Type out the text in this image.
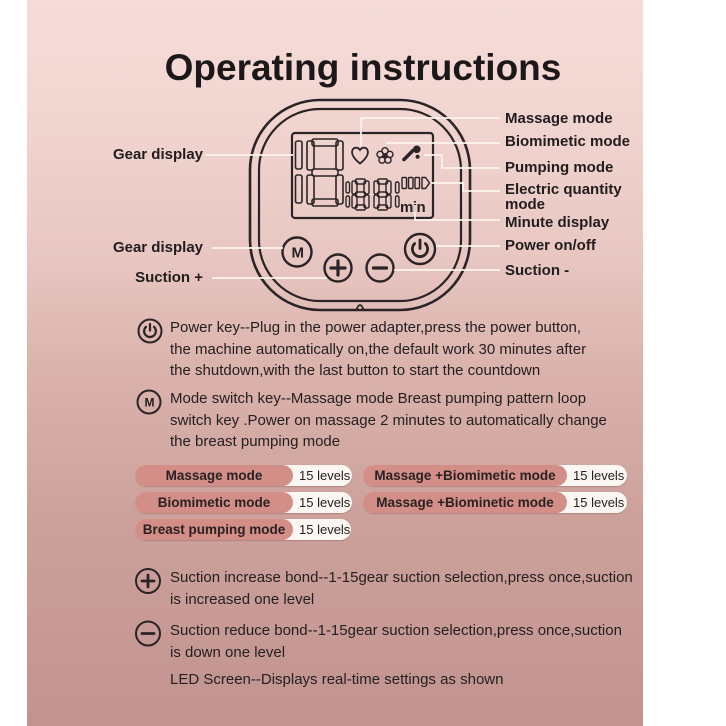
Operating instructions
min
M
M
Gear display
Gear display
Suction +
Massage mode
Biomimetic mode
Pumping mode
Electric quantity mode
Minute display
Power on/off
Suction -
Power key--Plug in the power adapter,press the power button,
the machine automatically on,the default work 30 minutes after
the shutdown,with the last button to start the countdown
Mode switch key--Massage mode Breast pumping pattern loop
switch key .Power on massage 2 minutes to automatically change
the breast pumping mode
Suction increase bond--1-15gear suction selection,press once,suction
is increased one level
Suction reduce bond--1-15gear suction selection,press once,suction
is down one level
LED Screen--Displays real-time settings as shown
Massage mode	15 levels
Biomimetic mode	15 levels
Breast pumping mode	15 levels
Massage +Biomimetic mode	15 levels
Massage +Biominetic mode	15 levels
